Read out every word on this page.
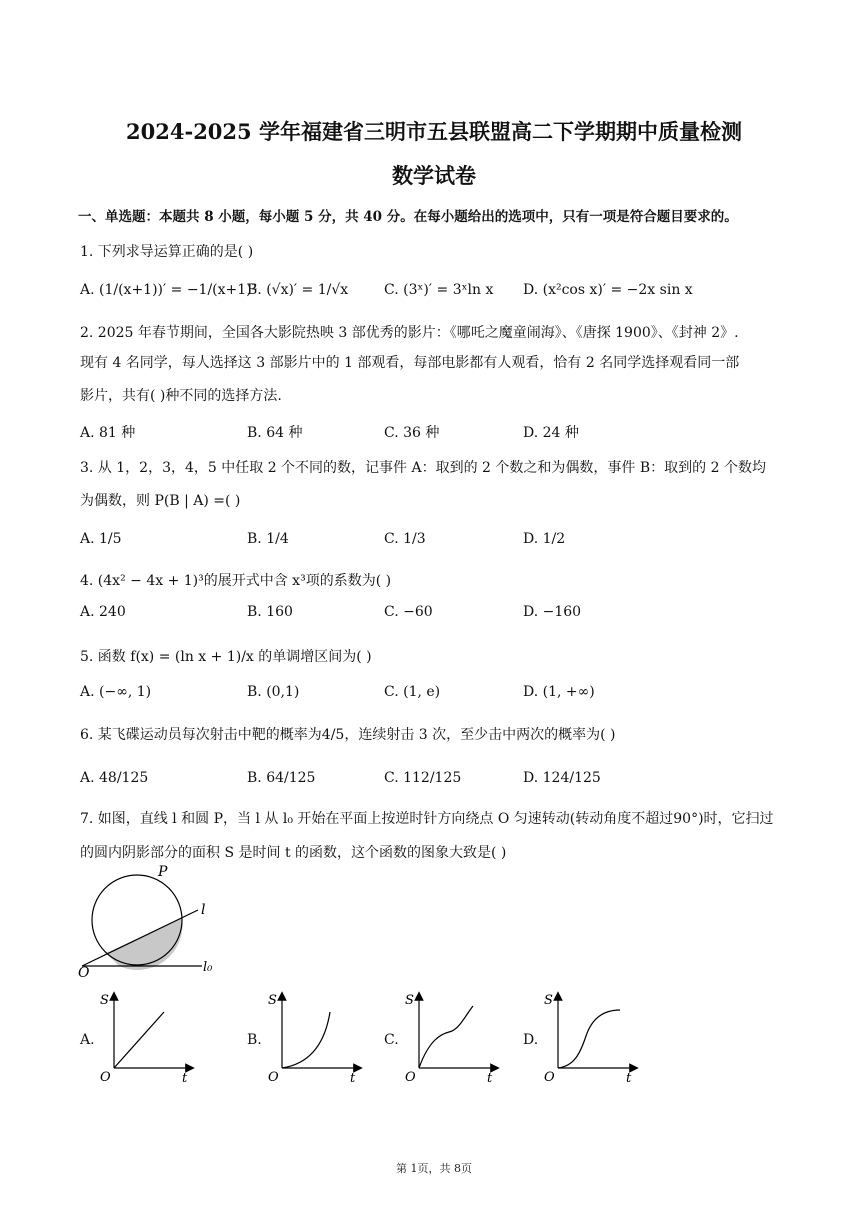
2024-2025 学年福建省三明市五县联盟高二下学期期中质量检测
数学试卷
一、单选题：本题共 8 小题，每小题 5 分，共 40 分。在每小题给出的选项中，只有一项是符合题目要求的。
1. 下列求导运算正确的是( )
A. (1/(x+1))′ = −1/(x+1)²
B. (√x)′ = 1/√x	C. (3ˣ)′ = 3ˣln x D. (x²cos x)′ = −2x sin x
2. 2025 年春节期间，全国各大影院热映 3 部优秀的影片：《哪吒之魔童闹海》、《唐探 1900》、《封神 2》.
现有 4 名同学，每人选择这 3 部影片中的 1 部观看，每部电影都有人观看，恰有 2 名同学选择观看同一部
影片，共有( )种不同的选择方法.
A. 81 种	B. 64 种	C. 36 种	D. 24 种
3. 从 1，2，3，4，5 中任取 2 个不同的数，记事件 A：取到的 2 个数之和为偶数，事件 B：取到的 2 个数均
为偶数，则 P(B | A) =( )
A. 1/5	B. 1/4	C. 1/3	D. 1/2
4. (4x² − 4x + 1)³的展开式中含 x³项的系数为( )
A. 240	B. 160	C. −60	D. −160
5. 函数 f(x) = (ln x + 1)/x 的单调增区间为( )
A. (−∞, 1)	B. (0,1)	C. (1, e)	D. (1, +∞)
6. 某飞碟运动员每次射击中靶的概率为4/5，连续射击 3 次，至少击中两次的概率为( )
A. 48/125	B. 64/125	C. 112/125	D. 124/125
7. 如图，直线 l 和圆 P，当 l 从 l₀ 开始在平面上按逆时针方向绕点 O 匀速转动(转动角度不超过90°)时，它扫过
的圆内阴影部分的面积 S 是时间 t 的函数，这个函数的图象大致是( )
P
l
O	l₀
A.
S
O	t
B.
S
O	t
C.
S
O	t
D.
S
O	t
第 1页，共 8页
